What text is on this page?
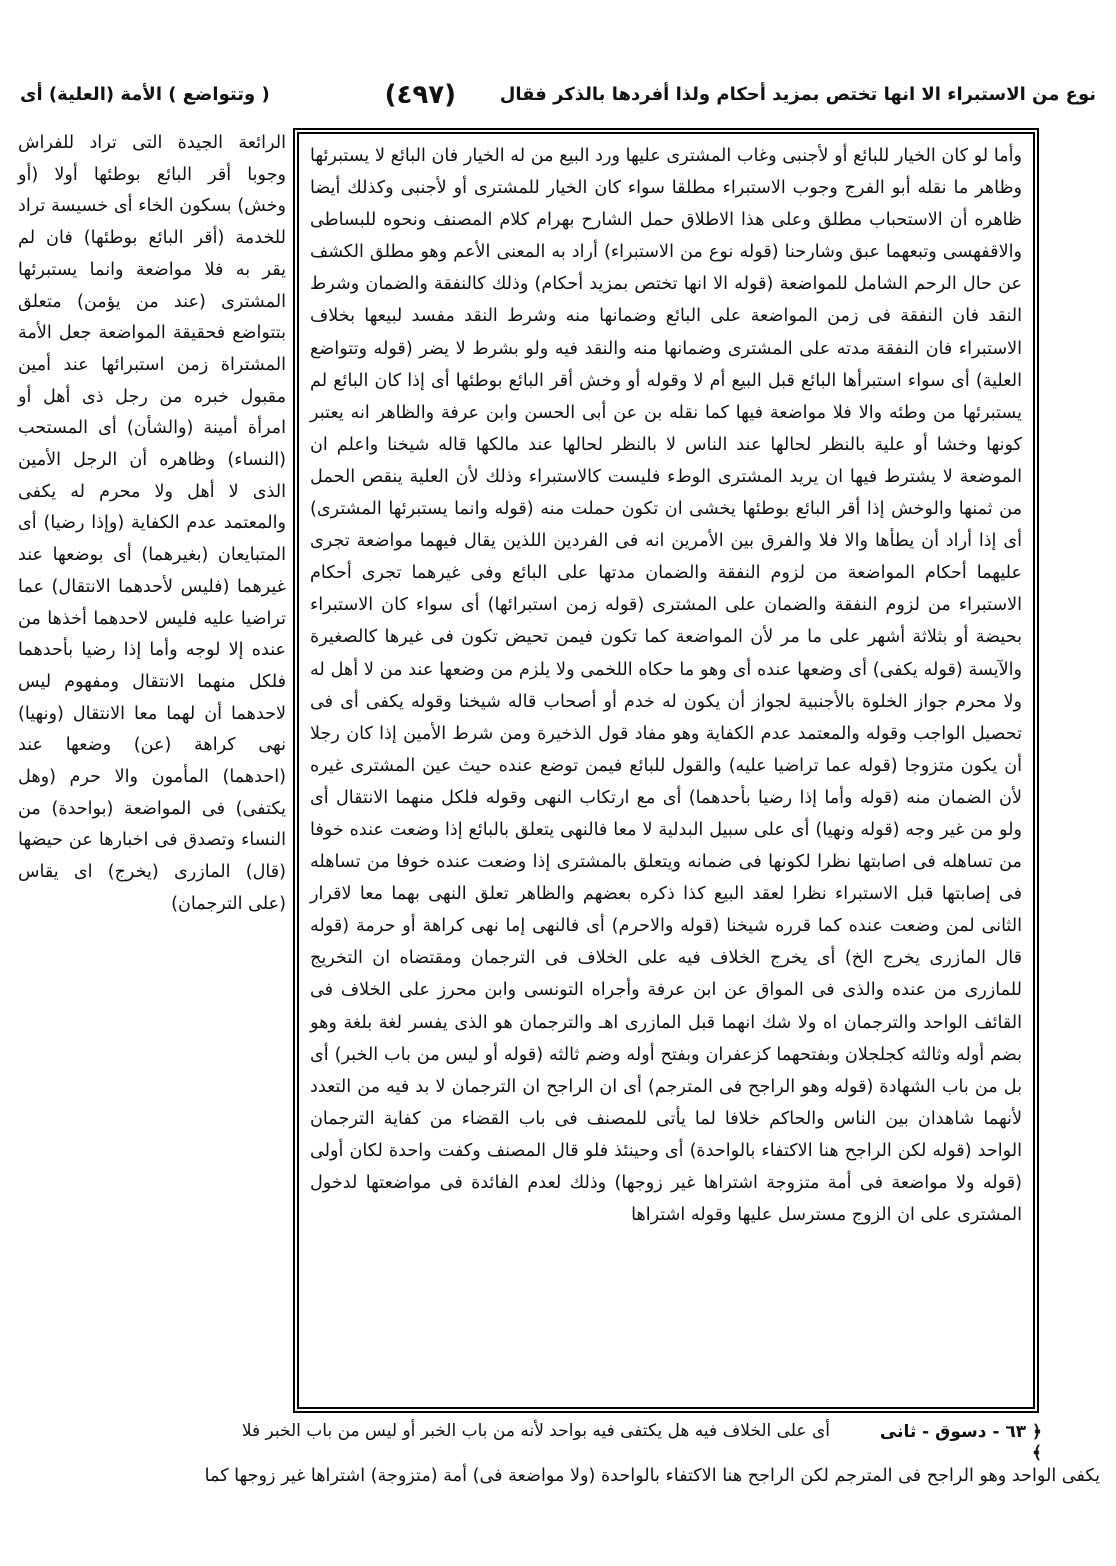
نوع من الاستبراء الا انها تختص بمزيد أحكام ولذا أفردها بالذكر فقال
(٤٩٧)
( وتتواضع ) الأمة (العلية) أى

وأما لو كان الخيار للبائع أو لأجنبى وغاب المشترى عليها ورد البيع من له الخيار فان البائع لا يستبرئها وظاهر ما نقله أبو الفرج وجوب الاستبراء مطلقا سواء كان الخيار للمشترى أو لأجنبى وكذلك أيضا ظاهره أن الاستحباب مطلق وعلى هذا الاطلاق حمل الشارح بهرام كلام المصنف ونحوه للبساطى والاقفهسى وتبعهما عبق وشارحنا (قوله نوع من الاستبراء) أراد به المعنى الأعم وهو مطلق الكشف عن حال الرحم الشامل للمواضعة (قوله الا انها تختص بمزيد أحكام) وذلك كالنفقة والضمان وشرط النقد فان النفقة فى زمن المواضعة على البائع وضمانها منه وشرط النقد مفسد لبيعها بخلاف الاستبراء فان النفقة مدته على المشترى وضمانها منه والنقد فيه ولو بشرط لا يضر (قوله وتتواضع العلية) أى سواء استبرأها البائع قبل البيع أم لا وقوله أو وخش أقر البائع بوطئها أى إذا كان البائع لم يستبرئها من وطئه والا فلا مواضعة فيها كما نقله بن عن أبى الحسن وابن عرفة والظاهر انه يعتبر كونها وخشا أو علية بالنظر لحالها عند الناس لا بالنظر لحالها عند مالكها قاله شيخنا واعلم ان الموضعة لا يشترط فيها ان يريد المشترى الوطء فليست كالاستبراء وذلك لأن العلية ينقص الحمل من ثمنها والوخش إذا أقر البائع بوطئها يخشى ان تكون حملت منه (قوله وانما يستبرئها المشترى) أى إذا أراد أن يطأها والا فلا والفرق بين الأمرين انه فى الفردين اللذين يقال فيهما مواضعة تجرى عليهما أحكام المواضعة من لزوم النفقة والضمان مدتها على البائع وفى غيرهما تجرى أحكام الاستبراء من لزوم النفقة والضمان على المشترى (قوله زمن استبرائها) أى سواء كان الاستبراء بحيضة أو بثلاثة أشهر على ما مر لأن المواضعة كما تكون فيمن تحيض تكون فى غيرها كالصغيرة والآيسة (قوله يكفى) أى وضعها عنده أى وهو ما حكاه اللخمى ولا يلزم من وضعها عند من لا أهل له ولا محرم جواز الخلوة بالأجنبية لجواز أن يكون له خدم أو أصحاب قاله شيخنا وقوله يكفى أى فى تحصيل الواجب وقوله والمعتمد عدم الكفاية وهو مفاد قول الذخيرة ومن شرط الأمين إذا كان رجلا أن يكون متزوجا (قوله عما تراضيا عليه) والقول للبائع فيمن توضع عنده حيث عين المشترى غيره لأن الضمان منه (قوله وأما إذا رضيا بأحدهما) أى مع ارتكاب النهى وقوله فلكل منهما الانتقال أى ولو من غير وجه (قوله ونهيا) أى على سبيل البدلية لا معا فالنهى يتعلق بالبائع إذا وضعت عنده خوفا من تساهله فى اصابتها نظرا لكونها فى ضمانه ويتعلق بالمشترى إذا وضعت عنده خوفا من تساهله فى إصابتها قبل الاستبراء نظرا لعقد البيع كذا ذكره بعضهم والظاهر تعلق النهى بهما معا لاقرار الثانى لمن وضعت عنده كما قرره شيخنا (قوله والاحرم) أى فالنهى إما نهى كراهة أو حرمة (قوله قال المازرى يخرج الخ) أى يخرج الخلاف فيه على الخلاف فى الترجمان ومقتضاه ان التخريج للمازرى من عنده والذى فى المواق عن ابن عرفة وأجراه التونسى وابن محرز على الخلاف فى القائف الواحد والترجمان اه ولا شك انهما قبل المازرى اهـ والترجمان هو الذى يفسر لغة بلغة وهو بضم أوله وثالثه كجلجلان وبفتحهما كزعفران وبفتح أوله وضم ثالثه (قوله أو ليس من باب الخبر) أى بل من باب الشهادة (قوله وهو الراجح فى المترجم) أى ان الراجح ان الترجمان لا بد فيه من التعدد لأنهما شاهدان بين الناس والحاكم خلافا لما يأتى للمصنف فى باب القضاء من كفاية الترجمان الواحد (قوله لكن الراجح هنا الاكتفاء بالواحدة) أى وحينئذ فلو قال المصنف وكفت واحدة لكان أولى (قوله ولا مواضعة فى أمة متزوجة اشتراها غير زوجها) وذلك لعدم الفائدة فى مواضعتها لدخول المشترى على ان الزوج مسترسل عليها وقوله اشتراها

الرائعة الجيدة التى تراد للفراش وجوبا أقر البائع بوطئها أولا (أو وخش) بسكون الخاء أى خسيسة تراد للخدمة (أقر البائع بوطئها) فان لم يقر به فلا مواضعة وانما يستبرئها المشترى (عند من يؤمن) متعلق بتتواضع فحقيقة المواضعة جعل الأمة المشتراة زمن استبرائها عند أمين مقبول خبره من رجل ذى أهل أو امرأة أمينة (والشأن) أى المستحب (النساء) وظاهره أن الرجل الأمين الذى لا أهل ولا محرم له يكفى والمعتمد عدم الكفاية (وإذا رضيا) أى المتبايعان (بغيرهما) أى بوضعها عند غيرهما (فليس لأحدهما الانتقال) عما تراضيا عليه فليس لاحدهما أخذها من عنده إلا لوجه وأما إذا رضيا بأحدهما فلكل منهما الانتقال ومفهوم ليس لاحدهما أن لهما معا الانتقال (ونهيا) نهى كراهة (عن) وضعها عند (احدهما) المأمون والا حرم (وهل يكتفى) فى المواضعة (بواحدة) من النساء وتصدق فى اخبارها عن حيضها (قال) المازرى (يخرج) اى يقاس (على الترجمان)

﴿ ٦٣ - دسوق - ثانى ﴾
أى على الخلاف فيه هل يكتفى فيه بواحد لأنه من باب الخبر أو ليس من باب الخبر فلا
يكفى الواحد وهو الراجح فى المترجم لكن الراجح هنا الاكتفاء بالواحدة (ولا مواضعة فى) أمة (متزوجة) اشتراها غير زوجها كما
